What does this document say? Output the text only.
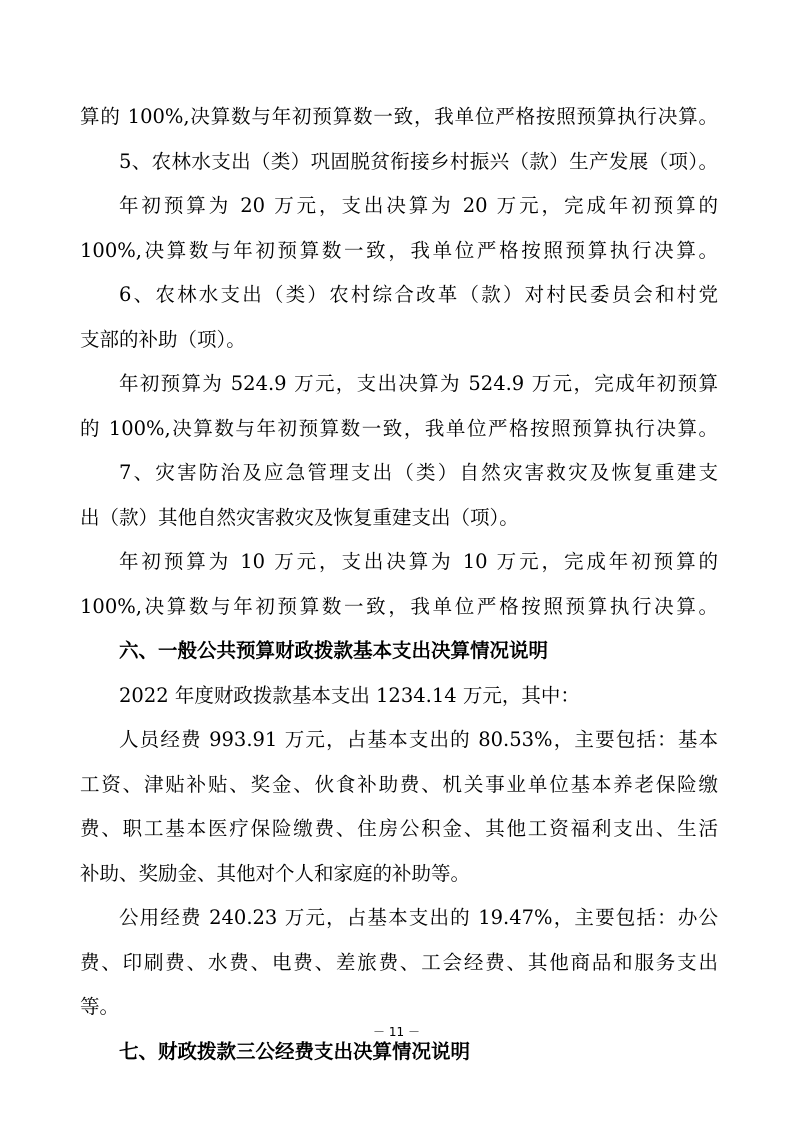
算的 100%,决算数与年初预算数一致，我单位严格按照预算执行决算。
5、农林水支出（类）巩固脱贫衔接乡村振兴（款）生产发展（项）。
年初预算为 20 万元，支出决算为 20 万元，完成年初预算的
100%,决算数与年初预算数一致，我单位严格按照预算执行决算。
6、农林水支出（类）农村综合改革（款）对村民委员会和村党
支部的补助（项）。
年初预算为 524.9 万元，支出决算为 524.9 万元，完成年初预算
的 100%,决算数与年初预算数一致，我单位严格按照预算执行决算。
7、灾害防治及应急管理支出（类）自然灾害救灾及恢复重建支
出（款）其他自然灾害救灾及恢复重建支出（项）。
年初预算为 10 万元，支出决算为 10 万元，完成年初预算的
100%,决算数与年初预算数一致，我单位严格按照预算执行决算。
六、一般公共预算财政拨款基本支出决算情况说明
2022 年度财政拨款基本支出 1234.14 万元，其中：
人员经费 993.91 万元，占基本支出的 80.53%，主要包括：基本
工资、津贴补贴、奖金、伙食补助费、机关事业单位基本养老保险缴
费、职工基本医疗保险缴费、住房公积金、其他工资福利支出、生活
补助、奖励金、其他对个人和家庭的补助等。
公用经费 240.23 万元，占基本支出的 19.47%，主要包括：办公
费、印刷费、水费、电费、差旅费、工会经费、其他商品和服务支出
等。
七、财政拨款三公经费支出决算情况说明
－ 11 －
